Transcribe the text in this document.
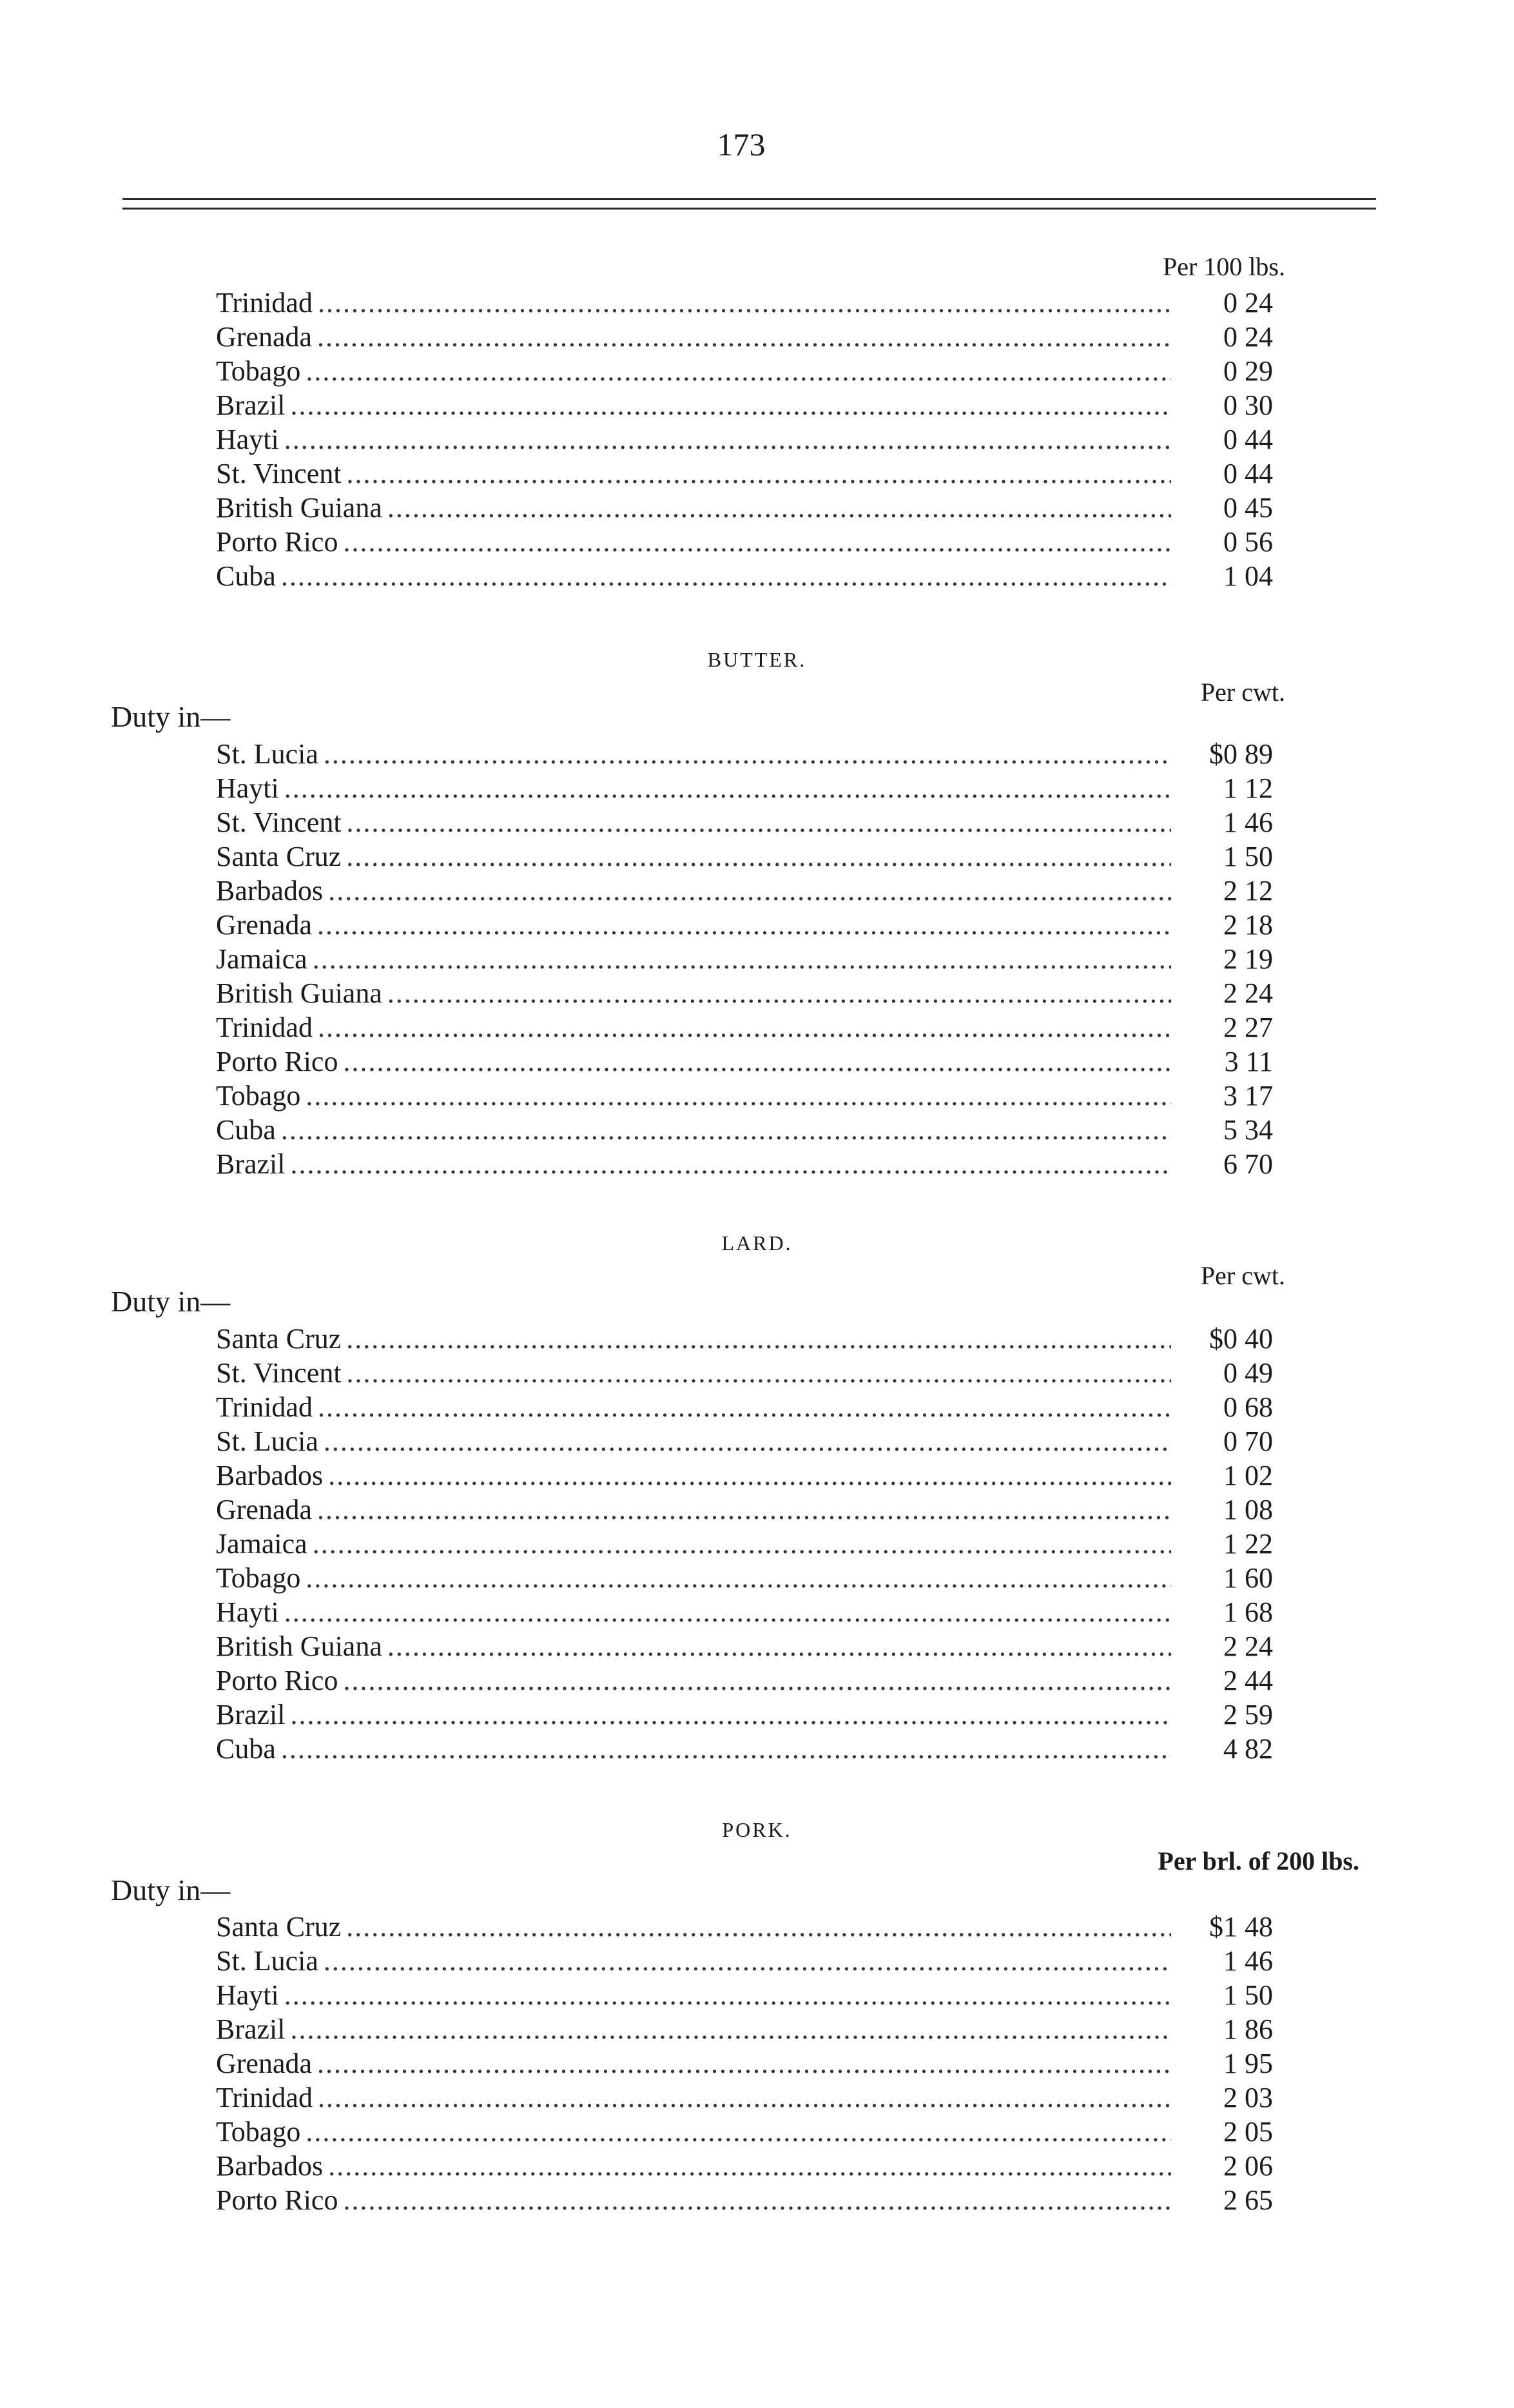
173
Per 100 lbs.
Trinidad .....	0 24
Grenada .....	0 24
Tobago .....	0 29
Brazil .....	0 30
Hayti .....	0 44
St. Vincent .....	0 44
British Guiana .....	0 45
Porto Rico .....	0 56
Cuba .....	1 04
BUTTER.
Per cwt.
Duty in—
St. Lucia .....	$0 89
Hayti .....	1 12
St. Vincent .....	1 46
Santa Cruz .....	1 50
Barbados .....	2 12
Grenada .....	2 18
Jamaica .....	2 19
British Guiana .....	2 24
Trinidad .....	2 27
Porto Rico .....	3 11
Tobago .....	3 17
Cuba .....	5 34
Brazil .....	6 70
LARD.
Per cwt.
Duty in—
Santa Cruz .....	$0 40
St. Vincent .....	0 49
Trinidad .....	0 68
St. Lucia .....	0 70
Barbados .....	1 02
Grenada .....	1 08
Jamaica .....	1 22
Tobago .....	1 60
Hayti .....	1 68
British Guiana .....	2 24
Porto Rico .....	2 44
Brazil .....	2 59
Cuba .....	4 82
PORK.
Per brl. of 200 lbs.
Duty in—
Santa Cruz .....	$1 48
St. Lucia .....	1 46
Hayti .....	1 50
Brazil .....	1 86
Grenada .....	1 95
Trinidad .....	2 03
Tobago .....	2 05
Barbados .....	2 06
Porto Rico .....	2 65
